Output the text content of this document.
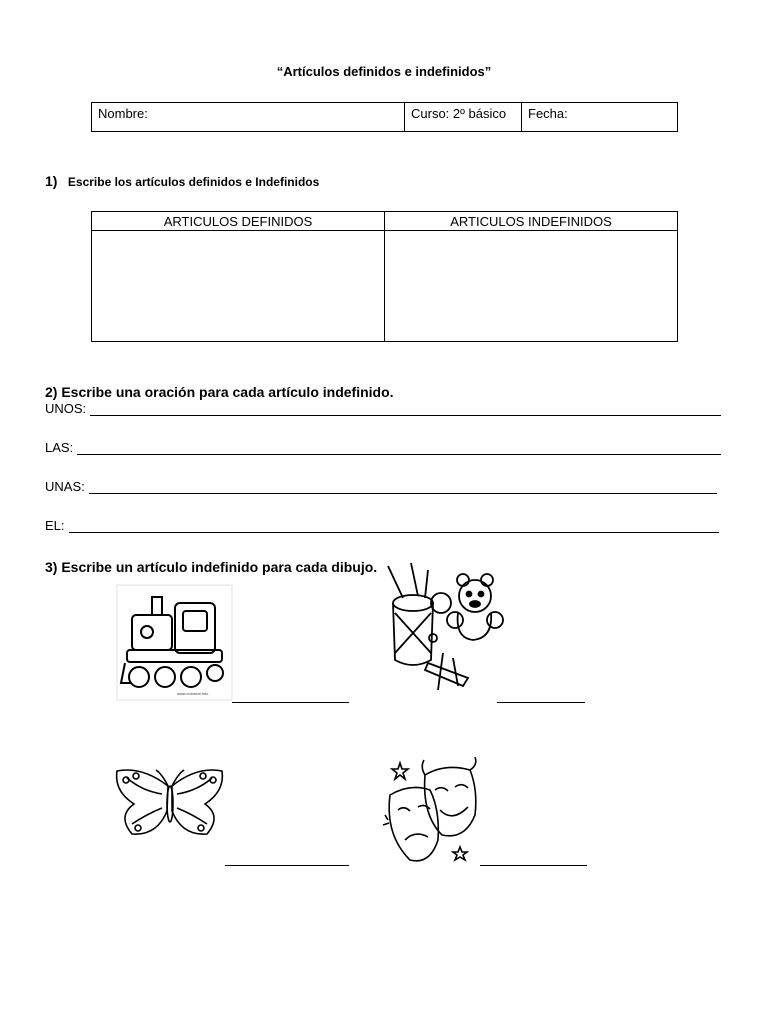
“Artículos definidos e indefinidos”
Nombre:	Curso: 2º básico	Fecha:
1) Escribe los artículos definidos e Indefinidos
ARTICULOS DEFINIDOS	ARTICULOS INDEFINIDOS

2) Escribe una oración para cada artículo indefinido.
UNOS:
LAS:
UNAS:
EL:
3) Escribe un artículo indefinido para cada dibujo.
www.colorear.info
